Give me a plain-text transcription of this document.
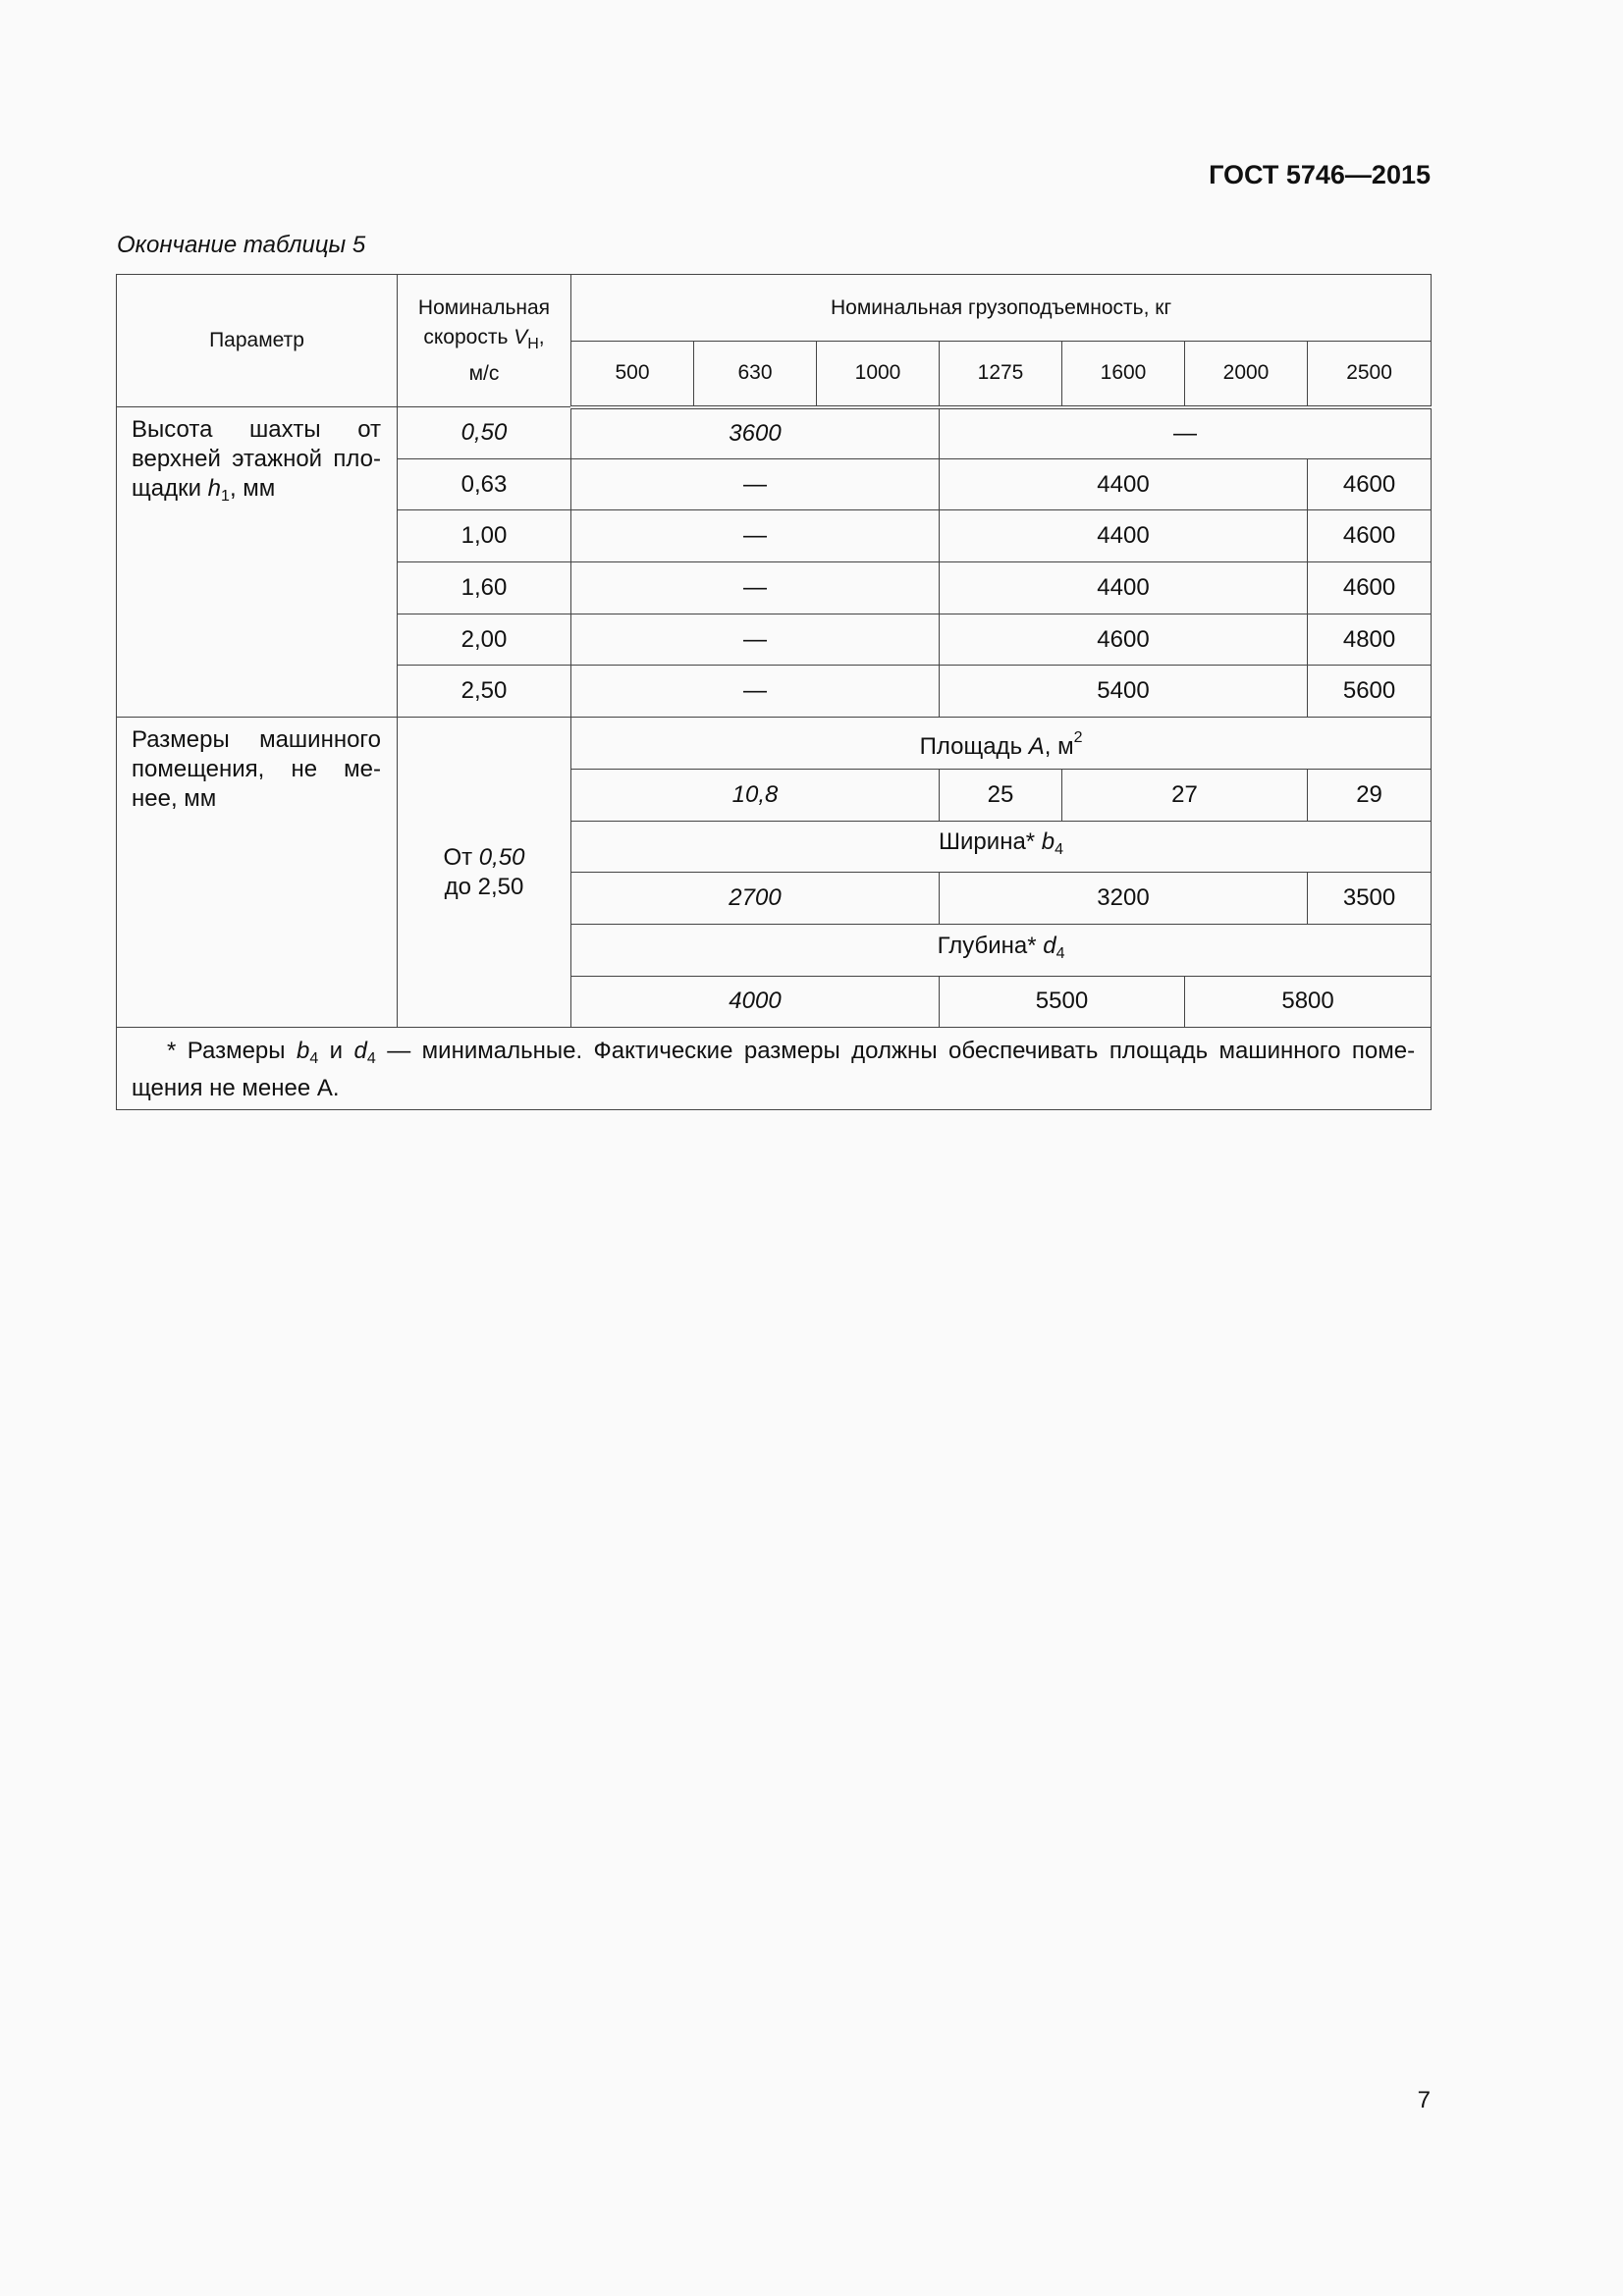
ГОСТ 5746—2015
Окончание таблицы 5
Параметр	Номинальная
скорость $V_Н$,
м/с	Номинальная грузоподъемность, кг						
		500	630	1000	1275	1600	2000	2500
Высота шахты от верхней этажной пло-щадки $h_1$, мм	0,50	3600			—			
	0,63	—			4400			4600
	1,00	—			4400			4600
	1,60	—			4400			4600
	2,00	—			4600			4800
	2,50	—			5400			5600
Размеры машинного помещения, не ме-нее, мм	От 0,50
до 2,50	Площадь A, $м^2$
		10,8			25	27		29
		Ширина* $b_4$
		2700			3200			3500
		Глубина* $d_4$
		4000			5500		5800	
* Размеры $b_4$ и $d_4$ — минимальные. Фактические размеры должны обеспечивать площадь машинного поме-щения не менее А.								
7
